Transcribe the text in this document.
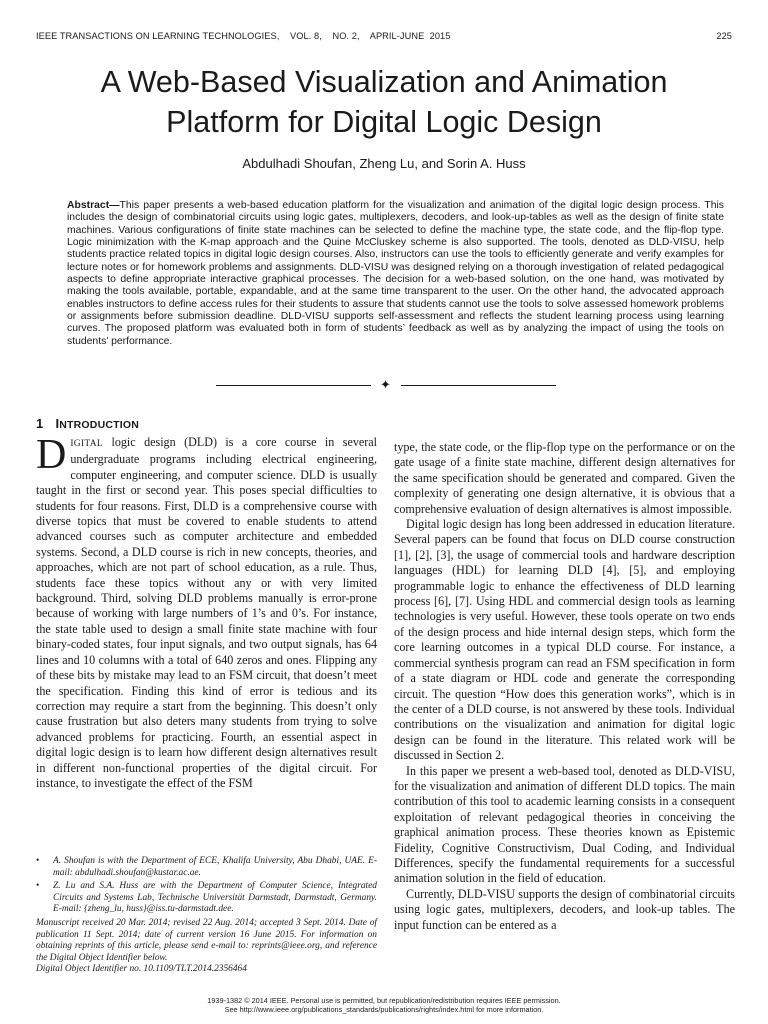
IEEE TRANSACTIONS ON LEARNING TECHNOLOGIES,    VOL. 8,    NO. 2,    APRIL-JUNE  2015	225
A Web-Based Visualization and Animation Platform for Digital Logic Design
Abdulhadi Shoufan, Zheng Lu, and Sorin A. Huss
Abstract—This paper presents a web-based education platform for the visualization and animation of the digital logic design process. This includes the design of combinatorial circuits using logic gates, multiplexers, decoders, and look-up-tables as well as the design of finite state machines. Various configurations of finite state machines can be selected to define the machine type, the state code, and the flip-flop type. Logic minimization with the K-map approach and the Quine McCluskey scheme is also supported. The tools, denoted as DLD-VISU, help students practice related topics in digital logic design courses. Also, instructors can use the tools to efficiently generate and verify examples for lecture notes or for homework problems and assignments. DLD-VISU was designed relying on a thorough investigation of related pedagogical aspects to define appropriate interactive graphical processes. The decision for a web-based solution, on the one hand, was motivated by making the tools available, portable, expandable, and at the same time transparent to the user. On the other hand, the advocated approach enables instructors to define access rules for their students to assure that students cannot use the tools to solve assessed homework problems or assignments before submission deadline. DLD-VISU supports self-assessment and reflects the student learning process using learning curves. The proposed platform was evaluated both in form of students’ feedback as well as by analyzing the impact of using the tools on students’ performance.
✦
1 INTRODUCTION

DIGITAL logic design (DLD) is a core course in several undergraduate programs including electrical engineering, computer engineering, and computer science. DLD is usually taught in the first or second year. This poses special difficulties to students for four reasons. First, DLD is a comprehensive course with diverse topics that must be covered to enable students to attend advanced courses such as computer architecture and embedded systems. Second, a DLD course is rich in new concepts, theories, and approaches, which are not part of school education, as a rule. Thus, students face these topics without any or with very limited background. Third, solving DLD problems manually is error-prone because of working with large numbers of 1’s and 0’s. For instance, the state table used to design a small finite state machine with four binary-coded states, four input signals, and two output signals, has 64 lines and 10 columns with a total of 640 zeros and ones. Flipping any of these bits by mistake may lead to an FSM circuit, that doesn’t meet the specification. Finding this kind of error is tedious and its correction may require a start from the beginning. This doesn’t only cause frustration but also deters many students from trying to solve advanced problems for practicing. Fourth, an essential aspect in digital logic design is to learn how different design alternatives result in different non-functional properties of the digital circuit. For instance, to investigate the effect of the FSM

type, the state code, or the flip-flop type on the performance or on the gate usage of a finite state machine, different design alternatives for the same specification should be generated and compared. Given the complexity of generating one design alternative, it is obvious that a comprehensive evaluation of design alternatives is almost impossible.

Digital logic design has long been addressed in education literature. Several papers can be found that focus on DLD course construction [1], [2], [3], the usage of commercial tools and hardware description languages (HDL) for learning DLD [4], [5], and employing programmable logic to enhance the effectiveness of DLD learning process [6], [7]. Using HDL and commercial design tools as learning technologies is very useful. However, these tools operate on two ends of the design process and hide internal design steps, which form the core learning outcomes in a typical DLD course. For instance, a commercial synthesis program can read an FSM specification in form of a state diagram or HDL code and generate the corresponding circuit. The question “How does this generation works”, which is in the center of a DLD course, is not answered by these tools. Individual contributions on the visualization and animation for digital logic design can be found in the literature. This related work will be discussed in Section 2.

In this paper we present a web-based tool, denoted as DLD-VISU, for the visualization and animation of different DLD topics. The main contribution of this tool to academic learning consists in a consequent exploitation of relevant pedagogical theories in conceiving the graphical animation process. These theories known as Epistemic Fidelity, Cognitive Constructivism, Dual Coding, and Individual Differences, specify the fundamental requirements for a successful animation solution in the field of education.

Currently, DLD-VISU supports the design of combinatorial circuits using logic gates, multiplexers, decoders, and look-up tables. The input function can be entered as a

• A. Shoufan is with the Department of ECE, Khalifa University, Abu Dhabi, UAE. E-mail: abdulhadi.shoufan@kustar.ac.ae.
• Z. Lu and S.A. Huss are with the Department of Computer Science, Integrated Circuits and Systems Lab, Technische Universität Darmstadt, Darmstadt, Germany. E-mail: {zheng_lu, huss}@iss.tu-darmstadt.dee.
Manuscript received 20 Mar. 2014; revised 22 Aug. 2014; accepted 3 Sept. 2014. Date of publication 11 Sept. 2014; date of current version 16 June 2015. For information on obtaining reprints of this article, please send e-mail to: reprints@ieee.org, and reference the Digital Object Identifier below.
Digital Object Identifier no. 10.1109/TLT.2014.2356464
1939-1382 © 2014 IEEE. Personal use is permitted, but republication/redistribution requires IEEE permission.
See http://www.ieee.org/publications_standards/publications/rights/index.html for more information.
